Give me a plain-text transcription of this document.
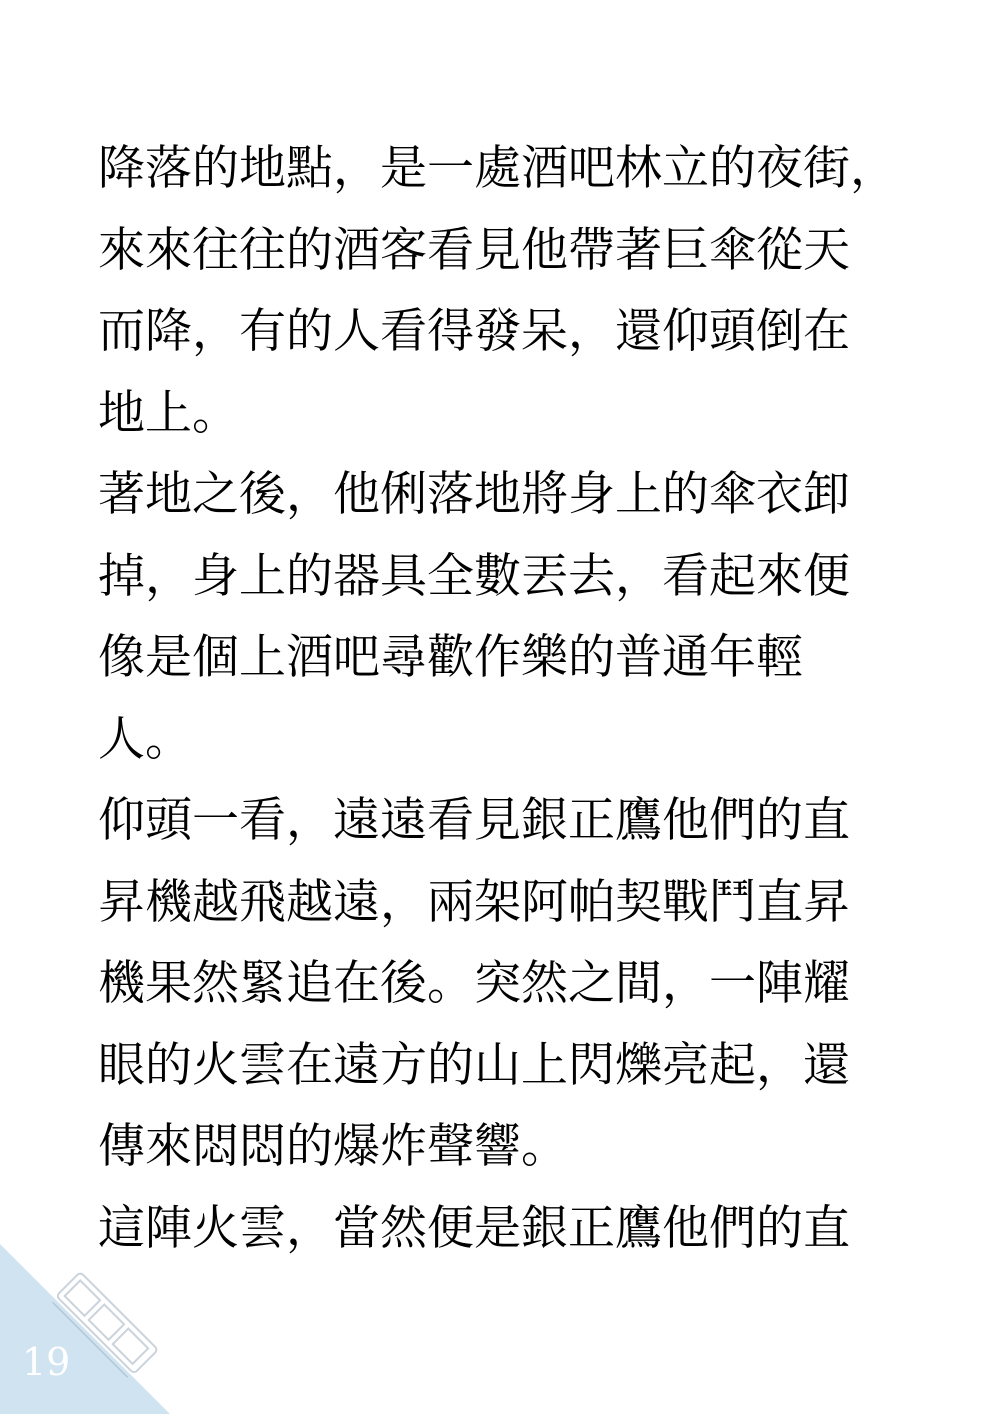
降落的地點，是一處酒吧林立的夜街，
來來往往的酒客看見他帶著巨傘從天
而降，有的人看得發呆，還仰頭倒在
地上。
著地之後，他俐落地將身上的傘衣卸
掉，身上的器具全數丟去，看起來便
像是個上酒吧尋歡作樂的普通年輕
人。
仰頭一看，遠遠看見銀正鷹他們的直
昇機越飛越遠，兩架阿帕契戰鬥直昇
機果然緊追在後。突然之間，一陣耀
眼的火雲在遠方的山上閃爍亮起，還
傳來悶悶的爆炸聲響。
這陣火雲，當然便是銀正鷹他們的直
19
